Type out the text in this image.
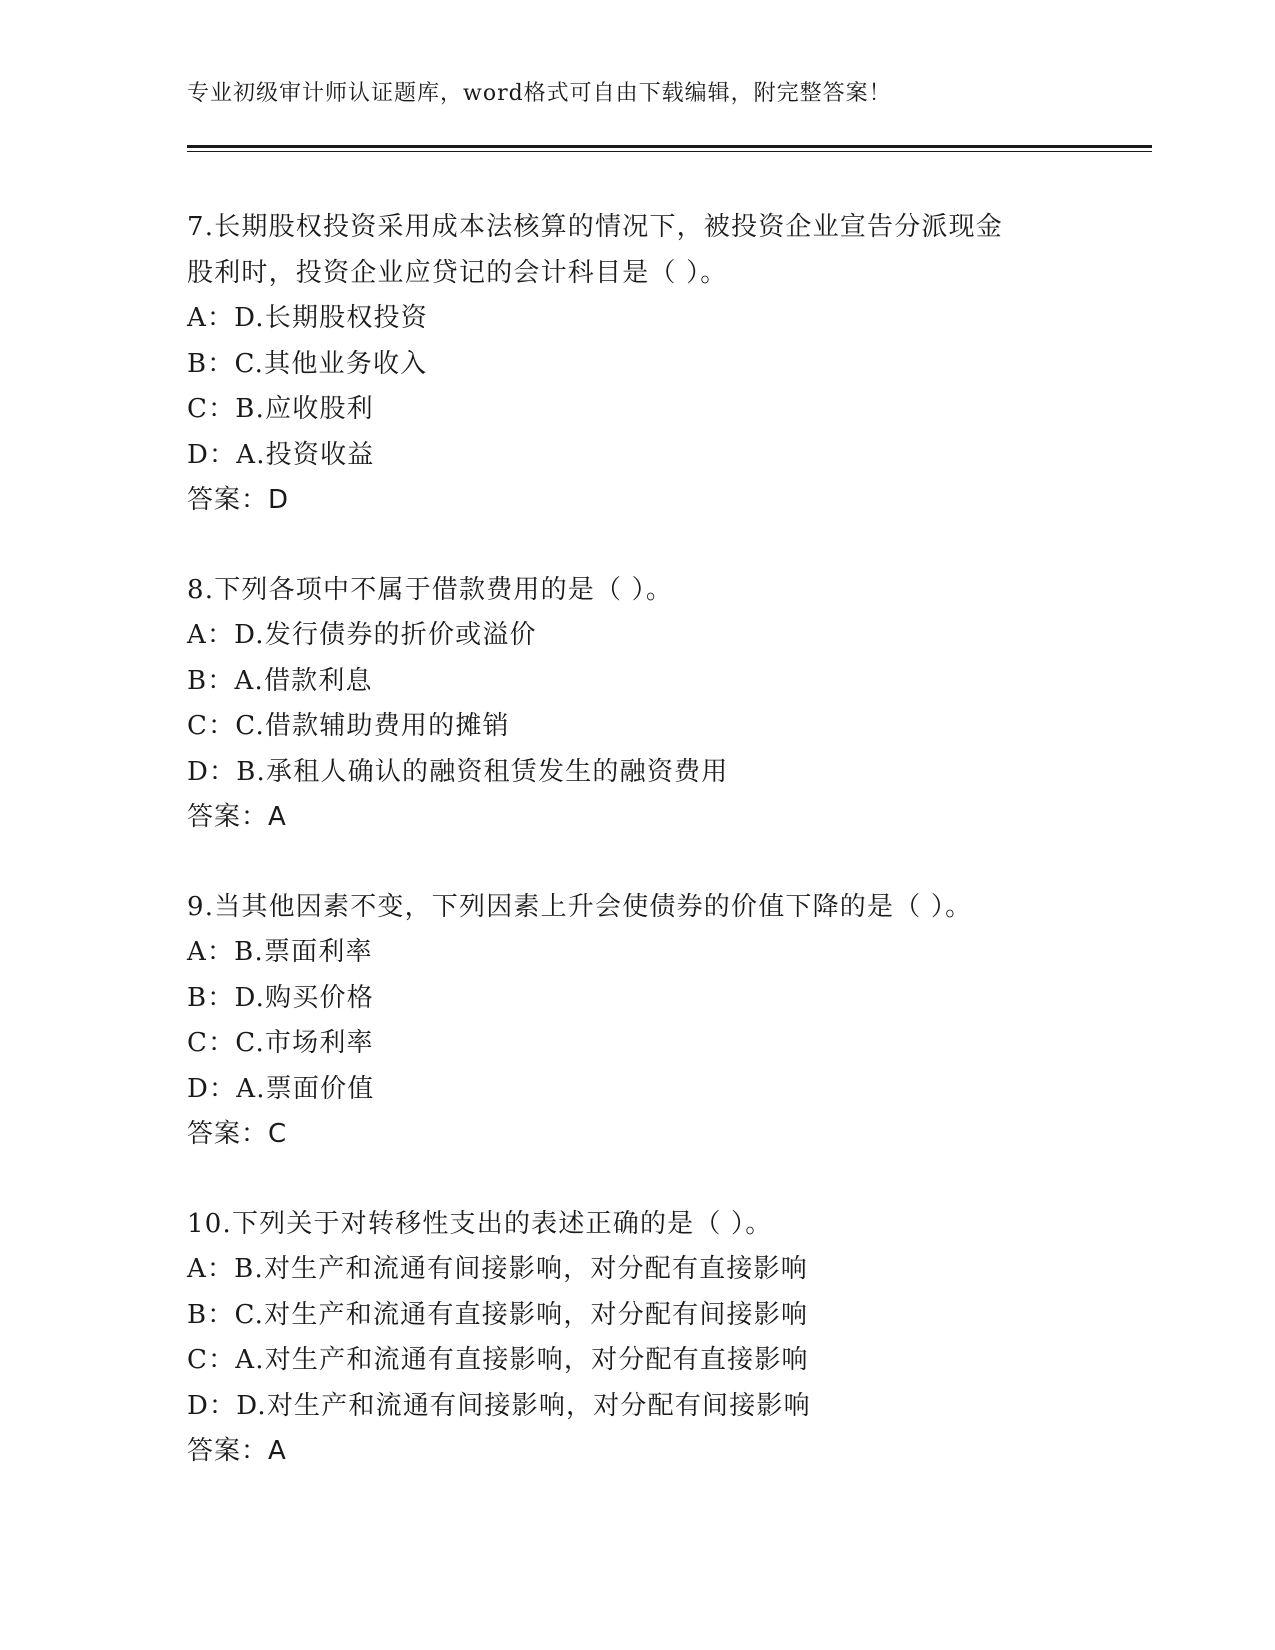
专业初级审计师认证题库，word格式可自由下载编辑，附完整答案！
7.长期股权投资采用成本法核算的情况下，被投资企业宣告分派现金
股利时，投资企业应贷记的会计科目是（ ）。
A：D.长期股权投资
B：C.其他业务收入
C：B.应收股利
D：A.投资收益
答案：D
8.下列各项中不属于借款费用的是（ ）。
A：D.发行债券的折价或溢价
B：A.借款利息
C：C.借款辅助费用的摊销
D：B.承租人确认的融资租赁发生的融资费用
答案：A
9.当其他因素不变，下列因素上升会使债券的价值下降的是（ ）。
A：B.票面利率
B：D.购买价格
C：C.市场利率
D：A.票面价值
答案：C
10.下列关于对转移性支出的表述正确的是（ ）。
A：B.对生产和流通有间接影响，对分配有直接影响
B：C.对生产和流通有直接影响，对分配有间接影响
C：A.对生产和流通有直接影响，对分配有直接影响
D：D.对生产和流通有间接影响，对分配有间接影响
答案：A
